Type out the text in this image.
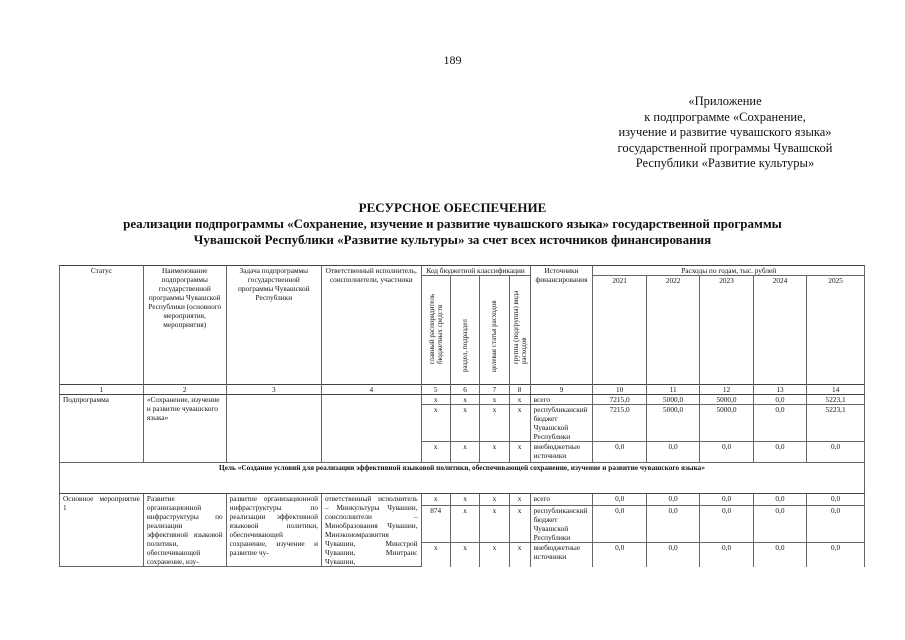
189
«Приложение
к подпрограмме «Сохранение,
изучение и развитие чувашского языка»
государственной программы Чувашской
Республики «Развитие культуры»
РЕСУРСНОЕ ОБЕСПЕЧЕНИЕ
реализации подпрограммы «Сохранение, изучение и развитие чувашского языка» государственной программы
Чувашской Республики «Развитие культуры» за счет всех источников финансирования
Статус	Наименование подпрограммы государственной программы Чувашской Республики (основного мероприятия, мероприятия)	Задача подпрограммы государственной программы Чувашской Республики	Ответственный исполнитель, соисполнители, участники	Код бюджетной классификации				Источники финансирования	Расходы по годам, тыс. рублей				

				главный распорядитель бюджетных средств	раздел, подраздел	целевая статья расходов	группа (подгруппа) вида расходов		2021	2022	2023	2024	2025

1	2	3	4	5	6	7	8	9	10	11	12	13	14
Подпрограмма	«Сохранение, изучение и развитие чувашского языка»			х	х	х	х	всего	7215,0	5000,0	5000,0	0,0	5223,1
				х	х	х	х	республиканский бюджет Чувашской Республики	7215,0	5000,0	5000,0	0,0	5223,1
				х	х	х	х	внебюджетные источники	0,0	0,0	0,0	0,0	0,0
Цель «Создание условий для реализации эффективной языковой политики, обеспечивающей сохранение, изучение и развитие чувашского языка»													
Основное мероприятие 1	Развитие организационной инфраструктуры по реализации эффективной языковой политики, обеспечивающей сохранение, изу-	развитие организационной инфраструктуры по реализации эффективной языковой политики, обеспечивающей сохранение, изучение и развитие чу-	ответственный исполнитель – Минкультуры Чувашии, соисполнители – Минобразования Чувашии, Минэкономразвития Чувашии, Минстрой Чувашии, Минтранс Чувашии,	х	х	х	х	всего	0,0	0,0	0,0	0,0	0,0
				874	х	х	х	республиканский бюджет Чувашской Республики	0,0	0,0	0,0	0,0	0,0
				х	х	х	х	внебюджетные источники	0,0	0,0	0,0	0,0	0,0
